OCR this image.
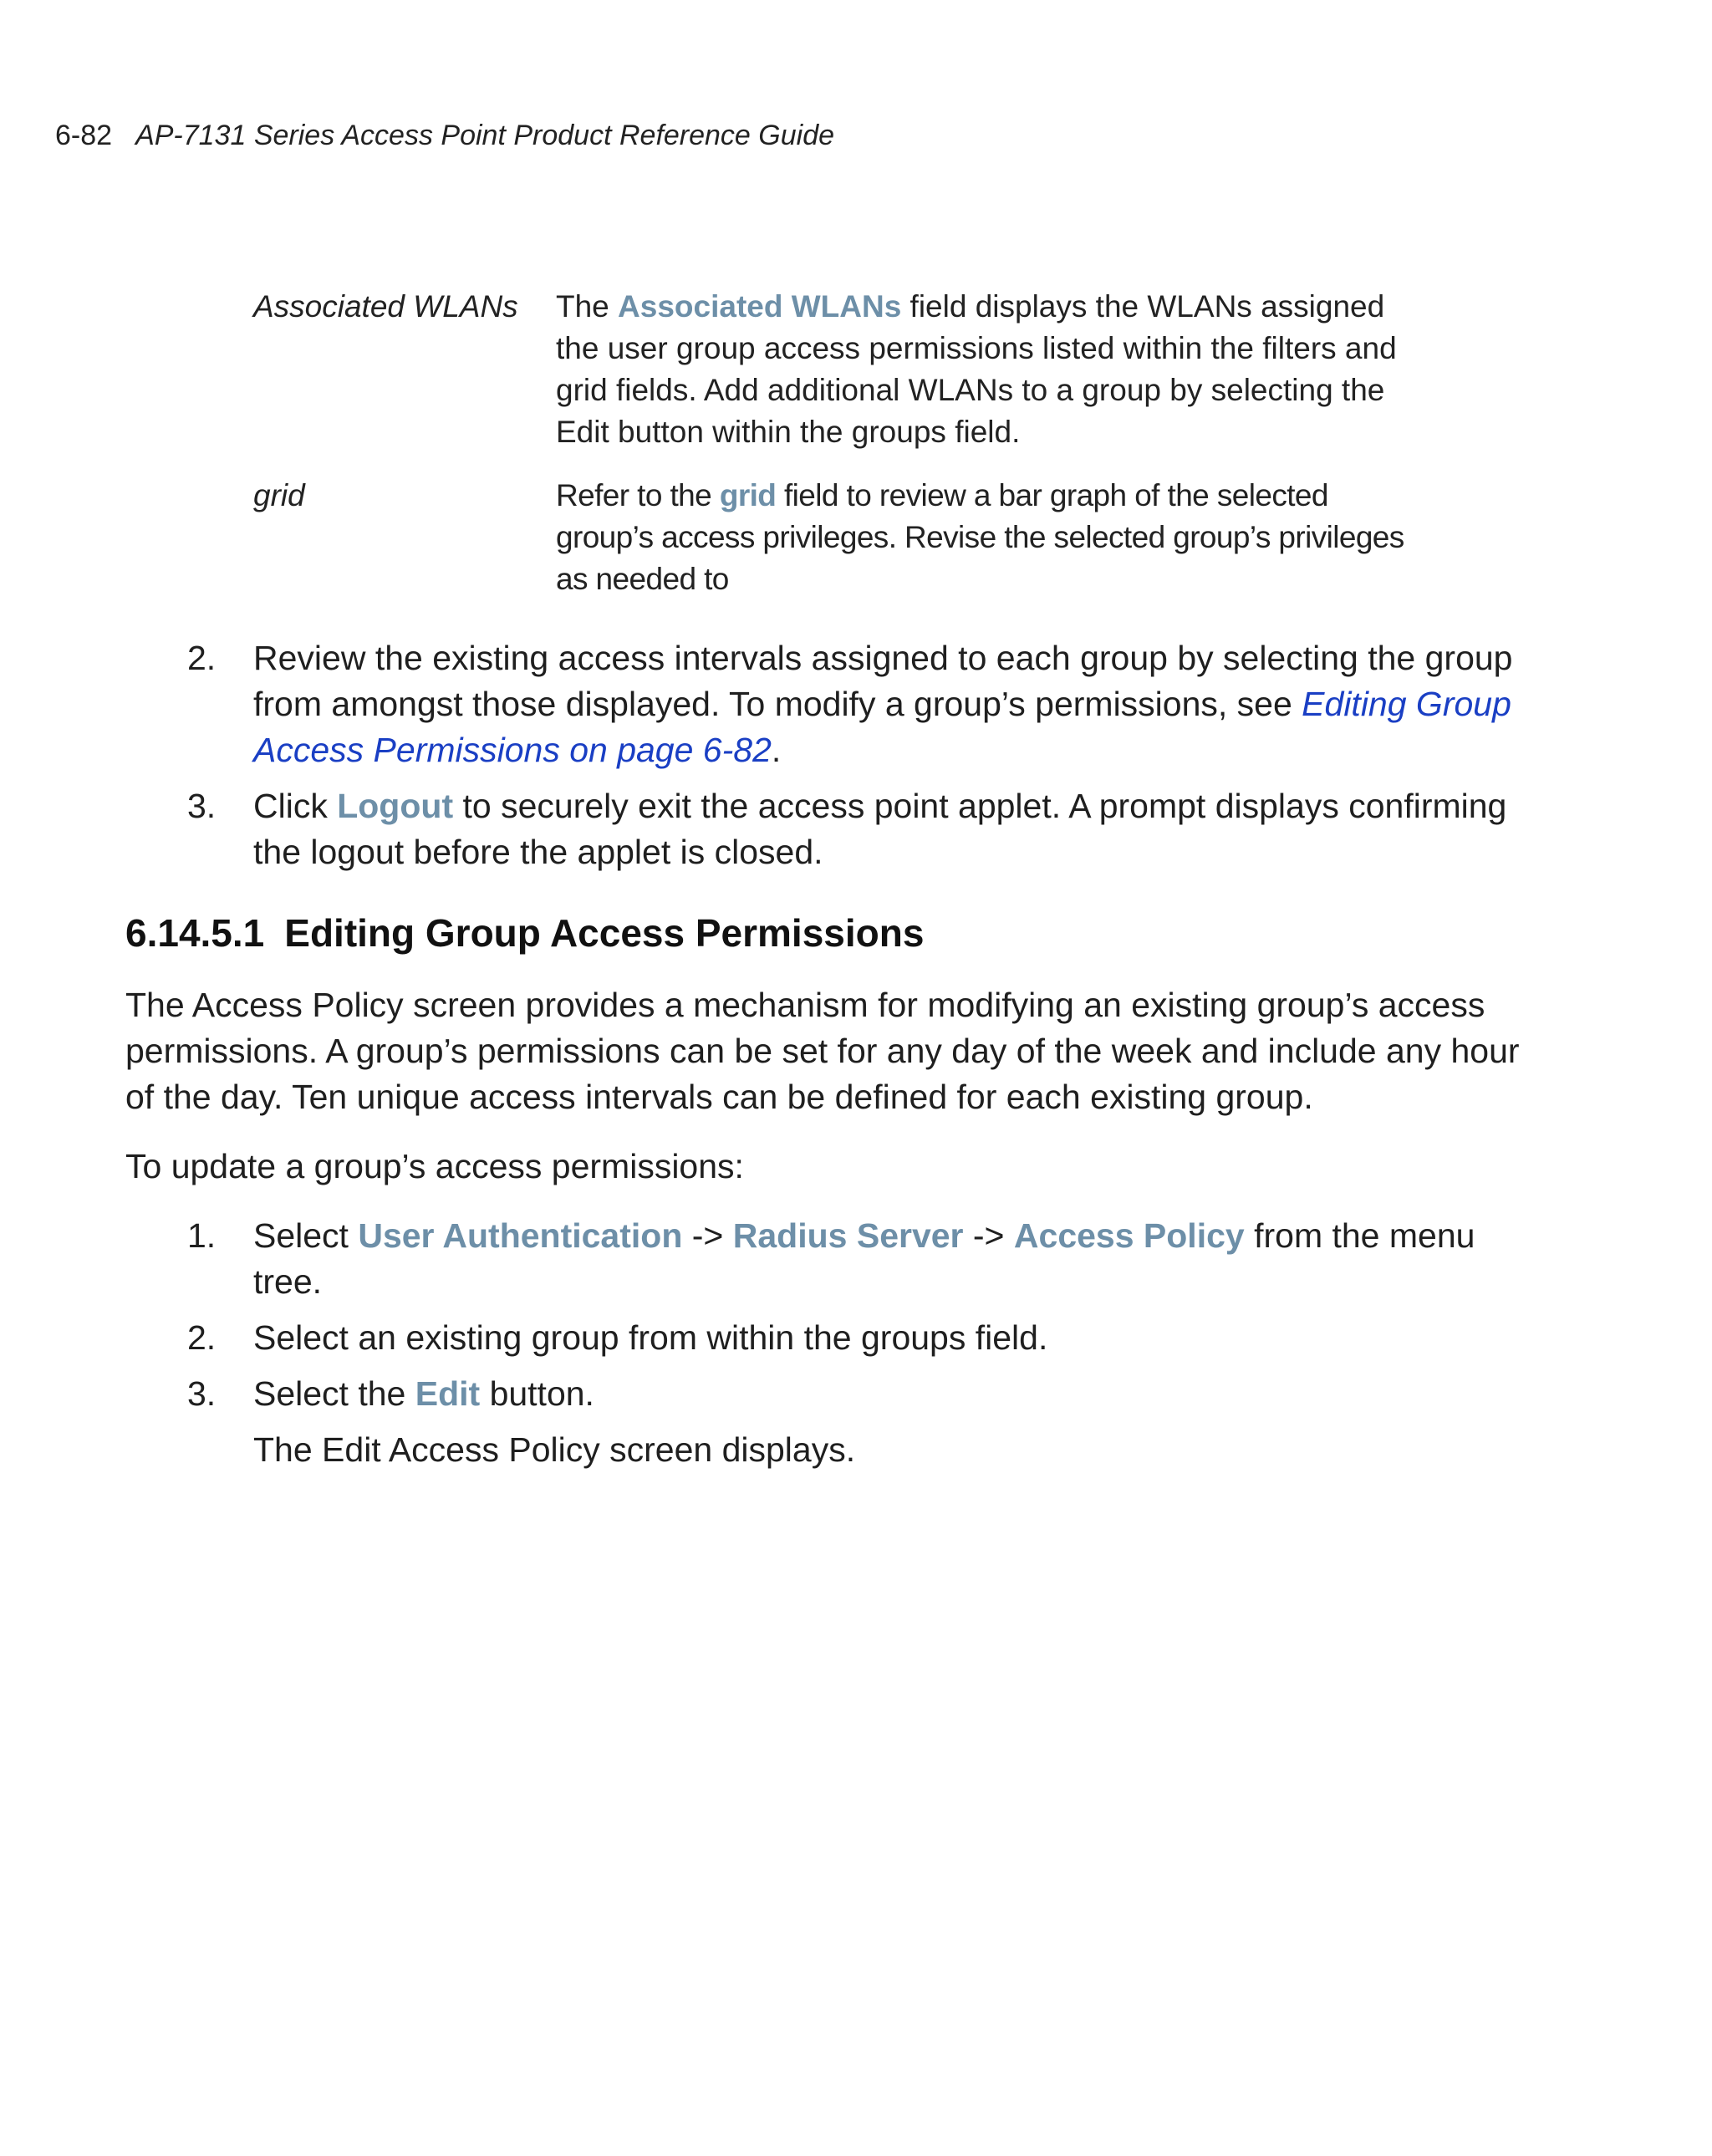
6-82 AP-7131 Series Access Point Product Reference Guide
Associated WLANs	The Associated WLANs field displays the WLANs assigned the user group access permissions listed within the filters and grid fields. Add additional WLANs to a group by selecting the Edit button within the groups field.
grid	Refer to the grid field to review a bar graph of the selected group’s access privileges. Revise the selected group’s privileges as needed to
2.	Review the existing access intervals assigned to each group by selecting the group from amongst those displayed. To modify a group’s permissions, see Editing Group Access Permissions on page 6-82.
3.	Click Logout to securely exit the access point applet. A prompt displays confirming the logout before the applet is closed.
6.14.5.1 Editing Group Access Permissions
The Access Policy screen provides a mechanism for modifying an existing group’s access permissions. A group’s permissions can be set for any day of the week and include any hour of the day. Ten unique access intervals can be defined for each existing group.
To update a group’s access permissions:
1.	Select User Authentication -> Radius Server -> Access Policy from the menu tree.
2.	Select an existing group from within the groups field.
3.	Select the Edit button.
The Edit Access Policy screen displays.
